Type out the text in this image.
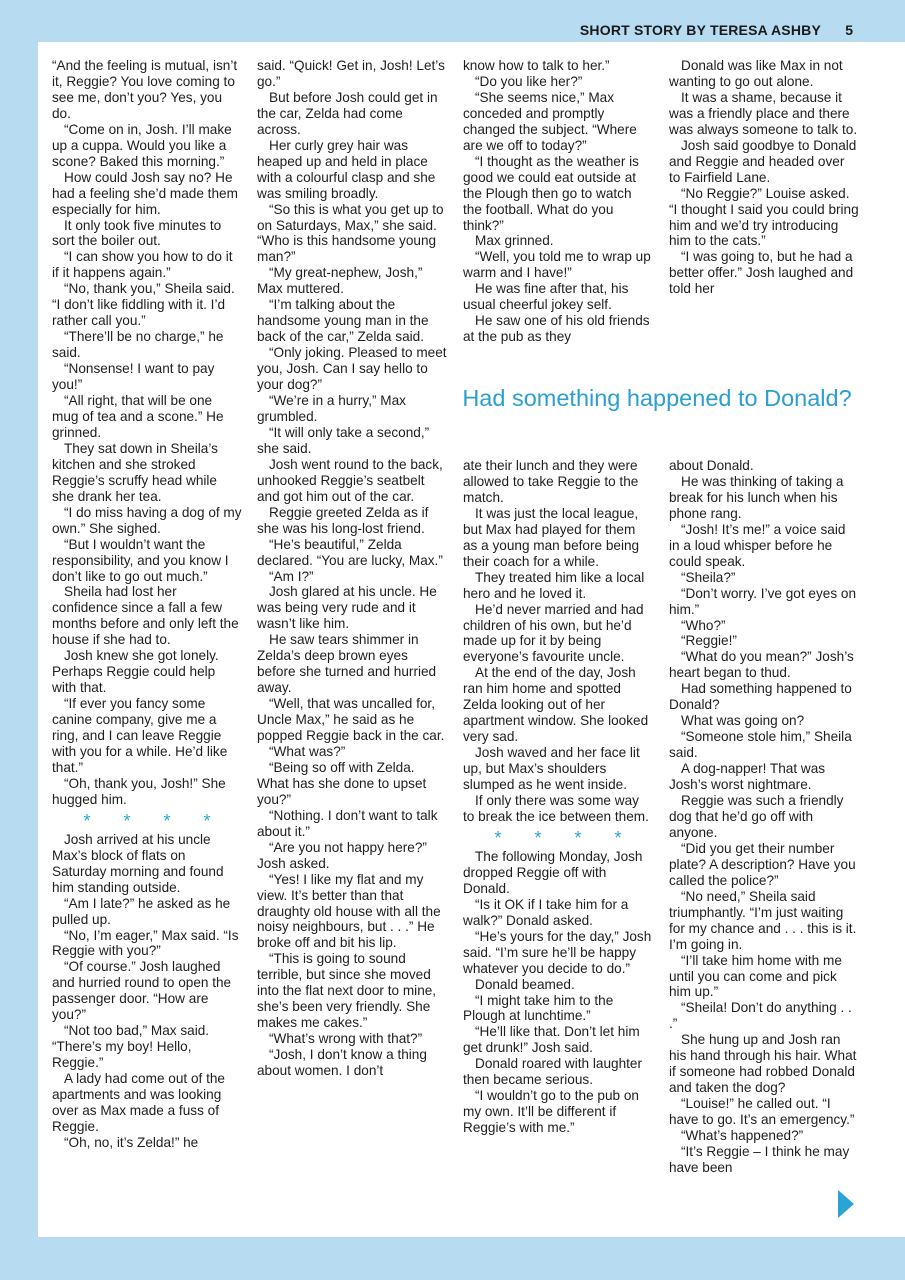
SHORT STORY BY TERESA ASHBY 5

“And the feeling is mutual, isn’t it, Reggie? You love coming to see me, don’t you? Yes, you do.

“Come on in, Josh. I’ll make up a cuppa. Would you like a scone? Baked this morning.”

How could Josh say no? He had a feeling she’d made them especially for him.

It only took five minutes to sort the boiler out.

“I can show you how to do it if it happens again.”

“No, thank you,” Sheila said. “I don’t like fiddling with it. I’d rather call you.”

“There’ll be no charge,” he said.

“Nonsense! I want to pay you!”

“All right, that will be one mug of tea and a scone.” He grinned.

They sat down in Sheila’s kitchen and she stroked Reggie’s scruffy head while she drank her tea.

“I do miss having a dog of my own.” She sighed.

“But I wouldn’t want the responsibility, and you know I don’t like to go out much.”

Sheila had lost her confidence since a fall a few months before and only left the house if she had to.

Josh knew she got lonely. Perhaps Reggie could help with that.

“If ever you fancy some canine company, give me a ring, and I can leave Reggie with you for a while. He’d like that.”

“Oh, thank you, Josh!” She hugged him.

* * * *

Josh arrived at his uncle Max’s block of flats on Saturday morning and found him standing outside.

“Am I late?” he asked as he pulled up.

“No, I’m eager,” Max said. “Is Reggie with you?”

“Of course.” Josh laughed and hurried round to open the passenger door. “How are you?”

“Not too bad,” Max said. “There’s my boy! Hello, Reggie.”

A lady had come out of the apartments and was looking over as Max made a fuss of Reggie.

“Oh, no, it’s Zelda!” he

said. “Quick! Get in, Josh! Let’s go.”

But before Josh could get in the car, Zelda had come across.

Her curly grey hair was heaped up and held in place with a colourful clasp and she was smiling broadly.

“So this is what you get up to on Saturdays, Max,” she said. “Who is this handsome young man?”

“My great-nephew, Josh,” Max muttered.

“I’m talking about the handsome young man in the back of the car,” Zelda said.

“Only joking. Pleased to meet you, Josh. Can I say hello to your dog?”

“We’re in a hurry,” Max grumbled.

“It will only take a second,” she said.

Josh went round to the back, unhooked Reggie’s seatbelt and got him out of the car.

Reggie greeted Zelda as if she was his long-lost friend.

“He’s beautiful,” Zelda declared. “You are lucky, Max.”

“Am I?”

Josh glared at his uncle. He was being very rude and it wasn’t like him.

He saw tears shimmer in Zelda’s deep brown eyes before she turned and hurried away.

“Well, that was uncalled for, Uncle Max,” he said as he popped Reggie back in the car.

“What was?”

“Being so off with Zelda. What has she done to upset you?”

“Nothing. I don’t want to talk about it.”

“Are you not happy here?” Josh asked.

“Yes! I like my flat and my view. It’s better than that draughty old house with all the noisy neighbours, but . . .” He broke off and bit his lip.

“This is going to sound terrible, but since she moved into the flat next door to mine, she’s been very friendly. She makes me cakes.”

“What’s wrong with that?”

“Josh, I don’t know a thing about women. I don’t

know how to talk to her.”

“Do you like her?”

“She seems nice,” Max conceded and promptly changed the subject. “Where are we off to today?”

“I thought as the weather is good we could eat outside at the Plough then go to watch the football. What do you think?”

Max grinned.

“Well, you told me to wrap up warm and I have!”

He was fine after that, his usual cheerful jokey self.

He saw one of his old friends at the pub as they

Donald was like Max in not wanting to go out alone.

It was a shame, because it was a friendly place and there was always someone to talk to.

Josh said goodbye to Donald and Reggie and headed over to Fairfield Lane.

“No Reggie?” Louise asked. “I thought I said you could bring him and we’d try introducing him to the cats.”

“I was going to, but he had a better offer.” Josh laughed and told her

Had something happened to Donald?

ate their lunch and they were allowed to take Reggie to the match.

It was just the local league, but Max had played for them as a young man before being their coach for a while.

They treated him like a local hero and he loved it.

He’d never married and had children of his own, but he’d made up for it by being everyone’s favourite uncle.

At the end of the day, Josh ran him home and spotted Zelda looking out of her apartment window. She looked very sad.

Josh waved and her face lit up, but Max’s shoulders slumped as he went inside.

If only there was some way to break the ice between them.

* * * *

The following Monday, Josh dropped Reggie off with Donald.

“Is it OK if I take him for a walk?” Donald asked.

“He’s yours for the day,” Josh said. “I’m sure he’ll be happy whatever you decide to do.”

Donald beamed.

“I might take him to the Plough at lunchtime.”

“He’ll like that. Don’t let him get drunk!” Josh said.

Donald roared with laughter then became serious.

“I wouldn’t go to the pub on my own. It’ll be different if Reggie’s with me.”

about Donald.

He was thinking of taking a break for his lunch when his phone rang.

“Josh! It’s me!” a voice said in a loud whisper before he could speak.

“Sheila?”

“Don’t worry. I’ve got eyes on him.”

“Who?”

“Reggie!”

“What do you mean?” Josh’s heart began to thud.

Had something happened to Donald?

What was going on?

“Someone stole him,” Sheila said.

A dog-napper! That was Josh’s worst nightmare.

Reggie was such a friendly dog that he’d go off with anyone.

“Did you get their number plate? A description? Have you called the police?”

“No need,” Sheila said triumphantly. “I’m just waiting for my chance and . . . this is it. I’m going in.

“I’ll take him home with me until you can come and pick him up.”

“Sheila! Don’t do anything . . .”

She hung up and Josh ran his hand through his hair. What if someone had robbed Donald and taken the dog?

“Louise!” he called out. “I have to go. It’s an emergency.”

“What’s happened?”

“It’s Reggie – I think he may have been
